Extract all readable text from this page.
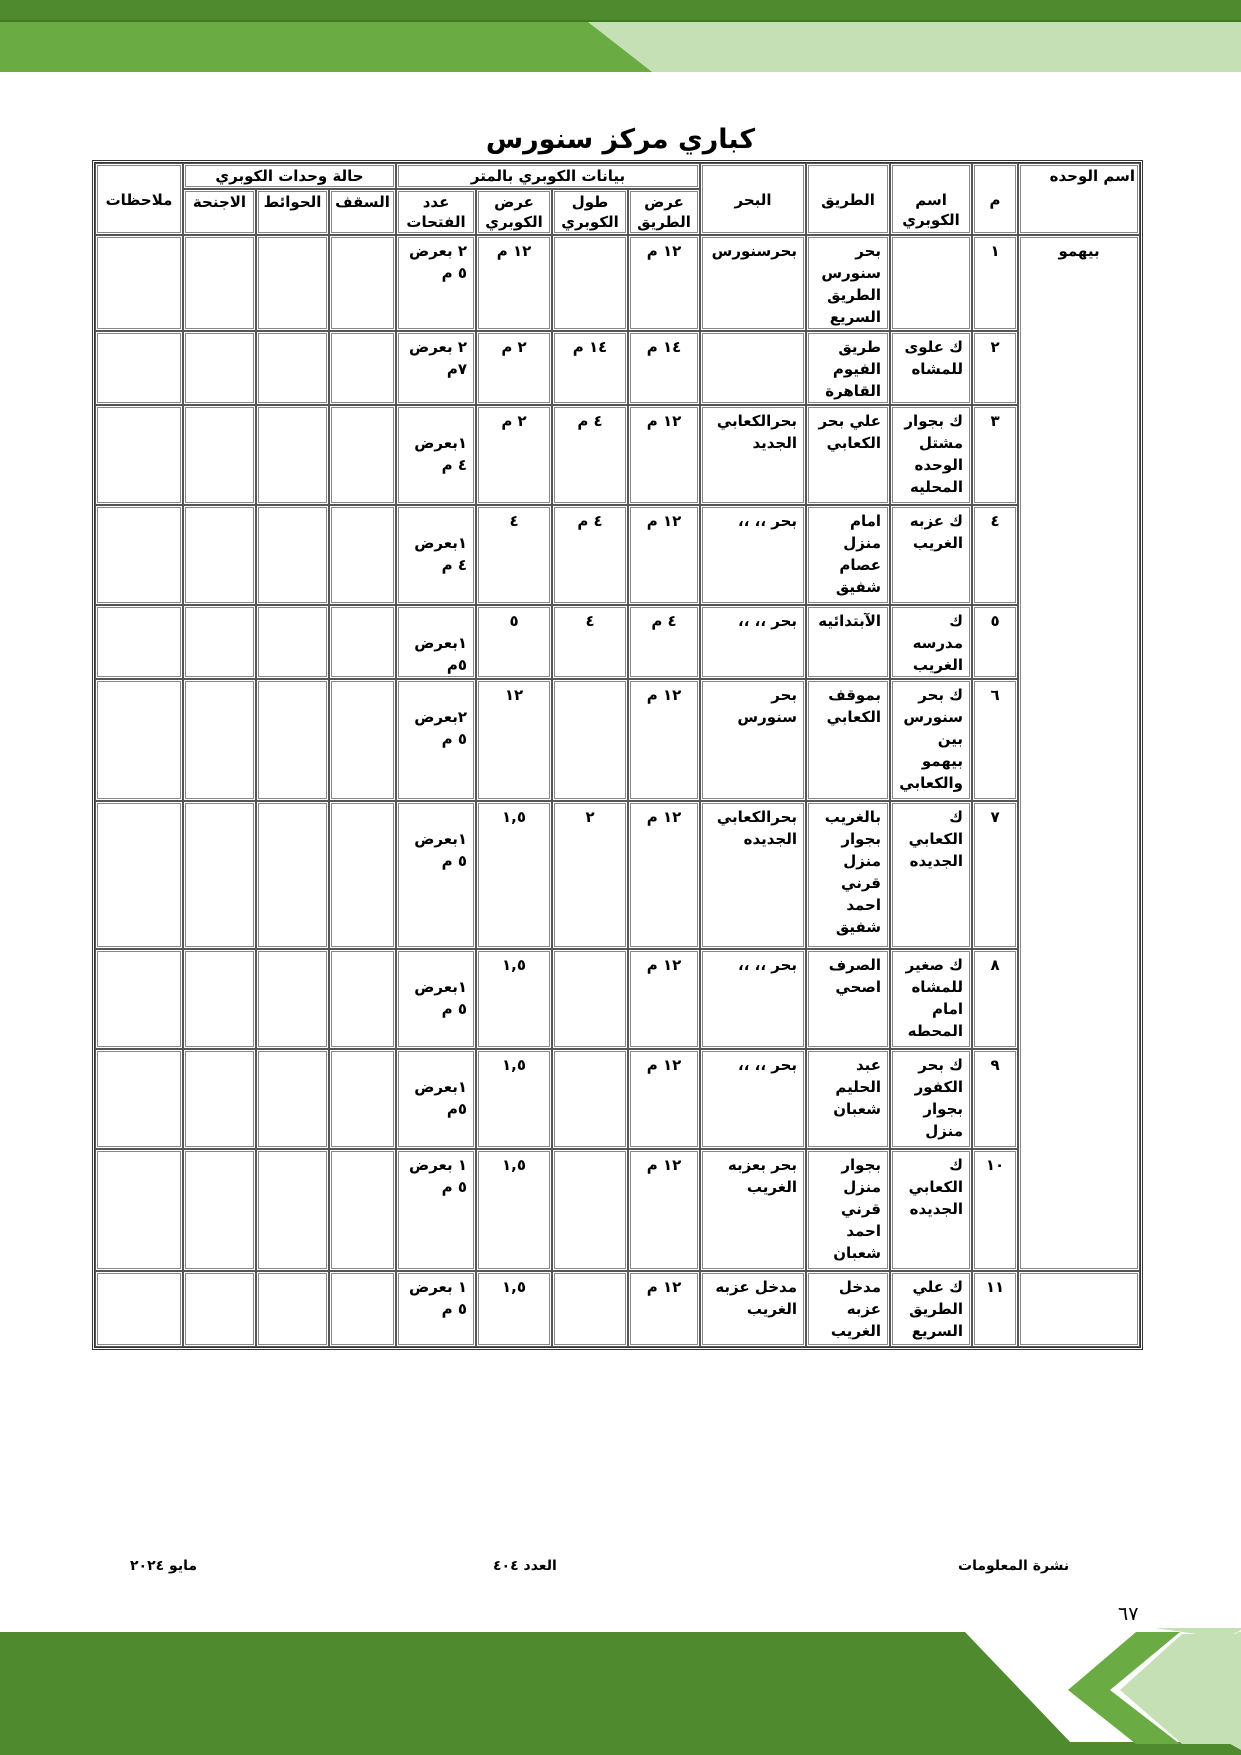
كباري مركز سنورس
اسم الوحده	م	اسم الكوبري	الطريق	البحر	بيانات الكوبري بالمتر				حالة وحدات الكوبري			ملاحظات
					عرض الطريق	طول الكوبري	عرض الكوبري	عدد الفتحات	السقف	الحوائط	الاجنحة	
بيهمو	١		بحر سنورس الطريق السريع	بحرسنورس	١٢ م		١٢ م	٢ بعرض ٥ م				
	٢	ك علوى للمشاه	طريق الفيوم القاهرة		١٤ م	١٤ م	٢ م	٢ بعرض ٧م				
	٣	ك بجوار مشتل الوحده المحليه	علي بحر الكعابي	بحرالكعابي الجديد	١٢ م	٤ م	٢ م	١بعرض ٤ م				
	٤	ك عزبه الغريب	امام منزل عصام شفيق	بحر ،، ،،	١٢ م	٤ م	٤	١بعرض ٤ م				
	٥	ك مدرسه الغريب	الآبتدائيه	بحر ،، ،،	٤ م	٤	٥	١بعرض ٥م				
	٦	ك بحر سنورس بين بيهمو والكعابي	بموقف الكعابي	بحر سنورس	١٢ م		١٢	٢بعرض ٥ م				
	٧	ك الكعابي الجديده	بالغريب بجوار منزل قرني احمد شفيق	بحرالكعابي الجديده	١٢ م	٢	١,٥	١بعرض ٥ م				
	٨	ك صغير للمشاه امام المحطه	الصرف اصحي	بحر ،، ،،	١٢ م		١,٥	١بعرض ٥ م				
	٩	ك بحر الكفور بجوار منزل	عبد الحليم شعبان	بحر ،، ،،	١٢ م		١,٥	١بعرض ٥م				
	١٠	ك الكعابي الجديده	بجوار منزل قرني احمد شعبان	بحر بعزبه الغريب	١٢ م		١,٥	١ بعرض ٥ م				
	١١	ك علي الطريق السريع	مدخل عزبه الغريب	مدخل عزبه الغريب	١٢ م		١,٥	١ بعرض ٥ م				
نشرة المعلومات
العدد ٤٠٤
مايو ٢٠٢٤
٦٧
